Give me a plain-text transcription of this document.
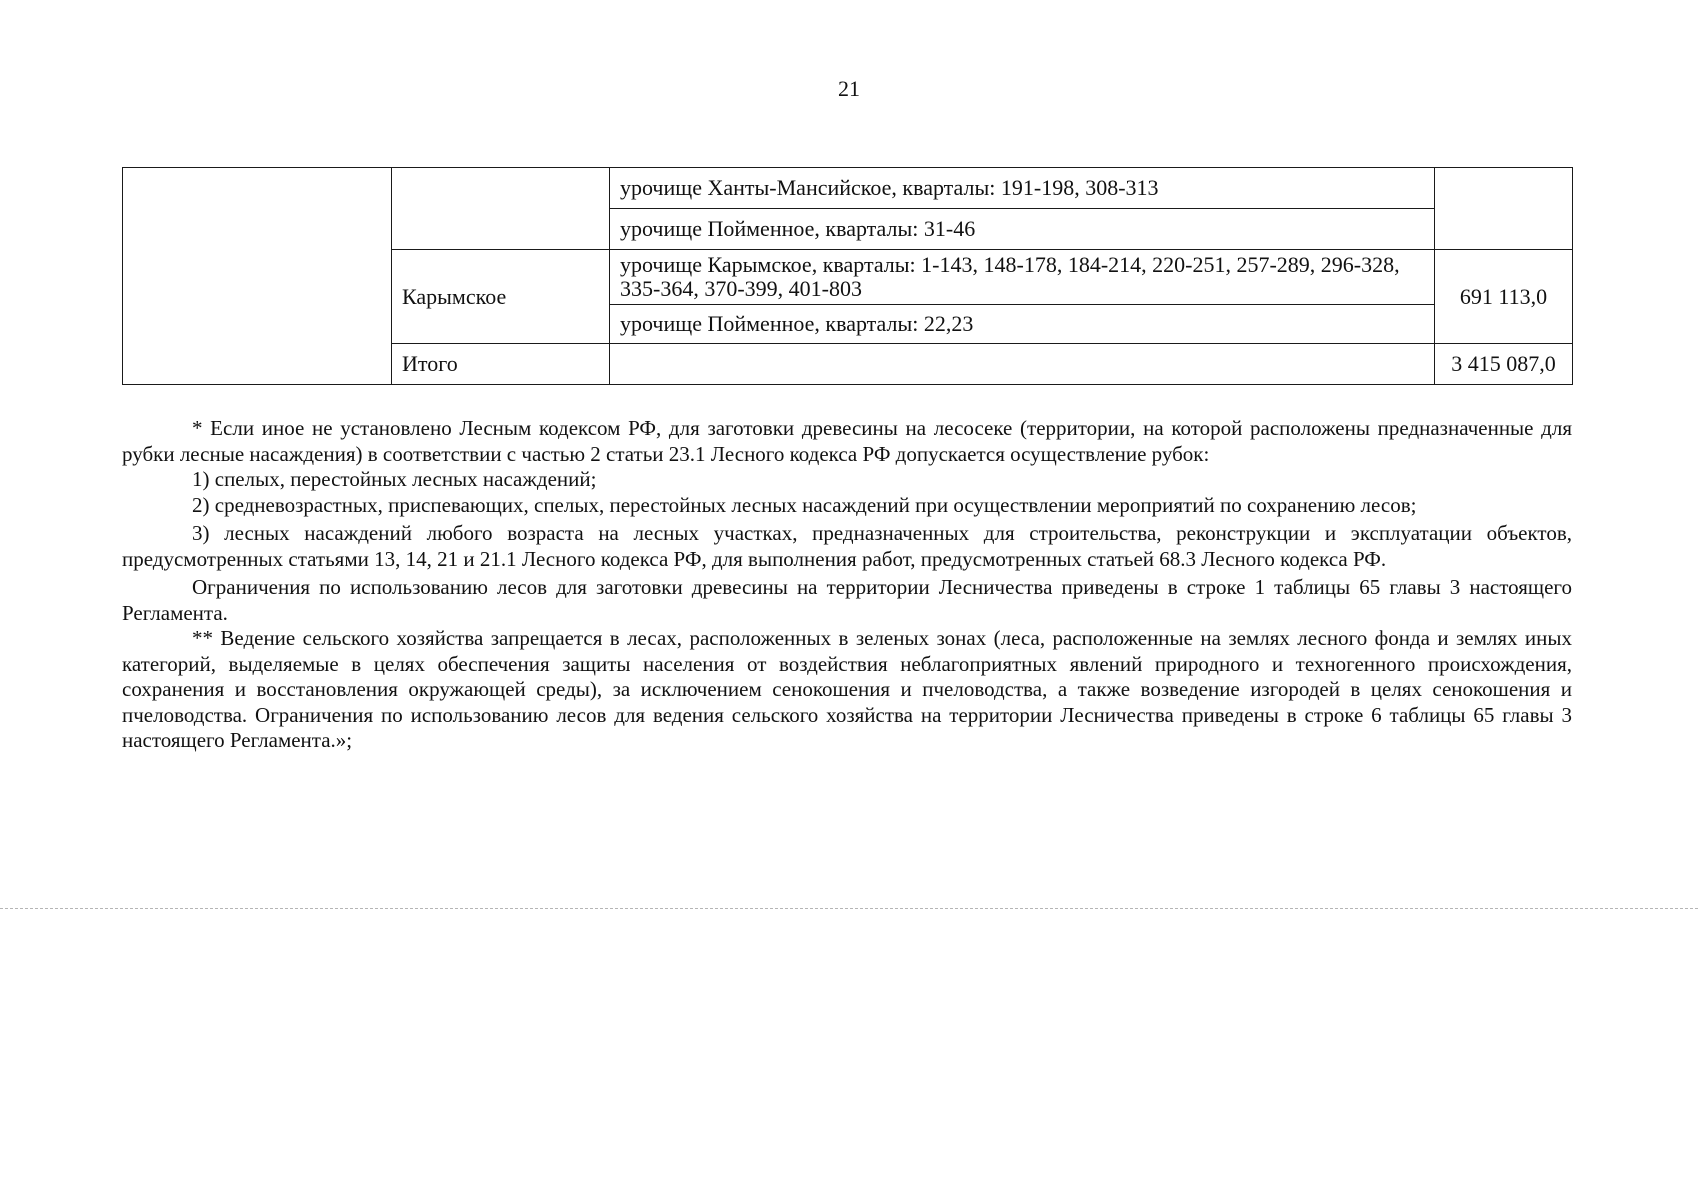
21
		урочище Ханты-Мансийское, кварталы: 191-198, 308-313	
		урочище Пойменное, кварталы: 31-46	
	Карымское	урочище Карымское, кварталы: 1-143, 148-178, 184-214, 220-251, 257-289, 296-328, 335-364, 370-399, 401-803	691 113,0
		урочище Пойменное, кварталы: 22,23	
	Итого		3 415 087,0

* Если иное не установлено Лесным кодексом РФ, для заготовки древесины на лесосеке (территории, на которой расположены предназначенные для рубки лесные насаждения) в соответствии с частью 2 статьи 23.1 Лесного кодекса РФ допускается осуществление рубок:

1) спелых, перестойных лесных насаждений;

2) средневозрастных, приспевающих, спелых, перестойных лесных насаждений при осуществлении мероприятий по сохранению лесов;

3) лесных насаждений любого возраста на лесных участках, предназначенных для строительства, реконструкции и эксплуатации объектов, предусмотренных статьями 13, 14, 21 и 21.1 Лесного кодекса РФ, для выполнения работ, предусмотренных статьей 68.3 Лесного кодекса РФ.

Ограничения по использованию лесов для заготовки древесины на территории Лесничества приведены в строке 1 таблицы 65 главы 3 настоящего Регламента.

** Ведение сельского хозяйства запрещается в лесах, расположенных в зеленых зонах (леса, расположенные на землях лесного фонда и землях иных категорий, выделяемые в целях обеспечения защиты населения от воздействия неблагоприятных явлений природного и техногенного происхождения, сохранения и восстановления окружающей среды), за исключением сенокошения и пчеловодства, а также возведение изгородей в целях сенокошения и пчеловодства. Ограничения по использованию лесов для ведения сельского хозяйства на территории Лесничества приведены в строке 6 таблицы 65 главы 3 настоящего Регламента.»;
